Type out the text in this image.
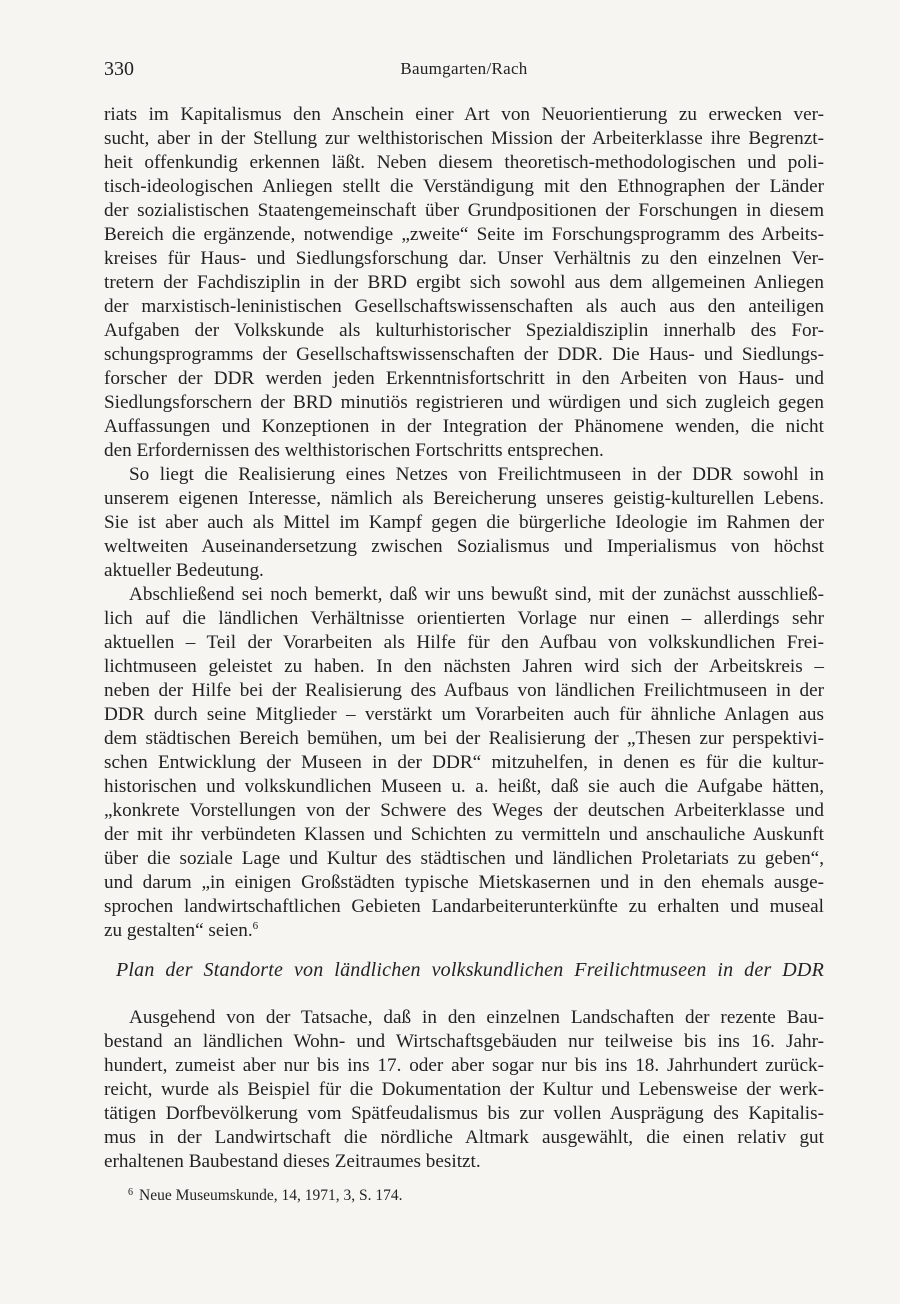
330	Baumgarten/Rach
riats im Kapitalismus den Anschein einer Art von Neuorientierung zu erwecken ver-
sucht, aber in der Stellung zur welthistorischen Mission der Arbeiterklasse ihre Begrenzt-
heit offenkundig erkennen läßt. Neben diesem theoretisch-methodologischen und poli-
tisch-ideologischen Anliegen stellt die Verständigung mit den Ethnographen der Länder
der sozialistischen Staatengemeinschaft über Grundpositionen der Forschungen in diesem
Bereich die ergänzende, notwendige „zweite“ Seite im Forschungsprogramm des Arbeits-
kreises für Haus- und Siedlungsforschung dar. Unser Verhältnis zu den einzelnen Ver-
tretern der Fachdisziplin in der BRD ergibt sich sowohl aus dem allgemeinen Anliegen
der marxistisch-leninistischen Gesellschaftswissenschaften als auch aus den anteiligen
Aufgaben der Volkskunde als kulturhistorischer Spezialdisziplin innerhalb des For-
schungsprogramms der Gesellschaftswissenschaften der DDR. Die Haus- und Siedlungs-
forscher der DDR werden jeden Erkenntnisfortschritt in den Arbeiten von Haus- und
Siedlungsforschern der BRD minutiös registrieren und würdigen und sich zugleich gegen
Auffassungen und Konzeptionen in der Integration der Phänomene wenden, die nicht
den Erfordernissen des welthistorischen Fortschritts entsprechen.
So liegt die Realisierung eines Netzes von Freilichtmuseen in der DDR sowohl in
unserem eigenen Interesse, nämlich als Bereicherung unseres geistig-kulturellen Lebens.
Sie ist aber auch als Mittel im Kampf gegen die bürgerliche Ideologie im Rahmen der
weltweiten Auseinandersetzung zwischen Sozialismus und Imperialismus von höchst
aktueller Bedeutung.
Abschließend sei noch bemerkt, daß wir uns bewußt sind, mit der zunächst ausschließ-
lich auf die ländlichen Verhältnisse orientierten Vorlage nur einen – allerdings sehr
aktuellen – Teil der Vorarbeiten als Hilfe für den Aufbau von volkskundlichen Frei-
lichtmuseen geleistet zu haben. In den nächsten Jahren wird sich der Arbeitskreis –
neben der Hilfe bei der Realisierung des Aufbaus von ländlichen Freilichtmuseen in der
DDR durch seine Mitglieder – verstärkt um Vorarbeiten auch für ähnliche Anlagen aus
dem städtischen Bereich bemühen, um bei der Realisierung der „Thesen zur perspektivi-
schen Entwicklung der Museen in der DDR“ mitzuhelfen, in denen es für die kultur-
historischen und volkskundlichen Museen u. a. heißt, daß sie auch die Aufgabe hätten,
„konkrete Vorstellungen von der Schwere des Weges der deutschen Arbeiterklasse und
der mit ihr verbündeten Klassen und Schichten zu vermitteln und anschauliche Auskunft
über die soziale Lage und Kultur des städtischen und ländlichen Proletariats zu geben“,
und darum „in einigen Großstädten typische Mietskasernen und in den ehemals ausge-
sprochen landwirtschaftlichen Gebieten Landarbeiterunterkünfte zu erhalten und museal
zu gestalten“ seien.$^6$
Plan der Standorte von ländlichen volkskundlichen Freilichtmuseen in der DDR
Ausgehend von der Tatsache, daß in den einzelnen Landschaften der rezente Bau-
bestand an ländlichen Wohn- und Wirtschaftsgebäuden nur teilweise bis ins 16. Jahr-
hundert, zumeist aber nur bis ins 17. oder aber sogar nur bis ins 18. Jahrhundert zurück-
reicht, wurde als Beispiel für die Dokumentation der Kultur und Lebensweise der werk-
tätigen Dorfbevölkerung vom Spätfeudalismus bis zur vollen Ausprägung des Kapitalis-
mus in der Landwirtschaft die nördliche Altmark ausgewählt, die einen relativ gut
erhaltenen Baubestand dieses Zeitraumes besitzt.
$^6$ Neue Museumskunde, 14, 1971, 3, S. 174.
